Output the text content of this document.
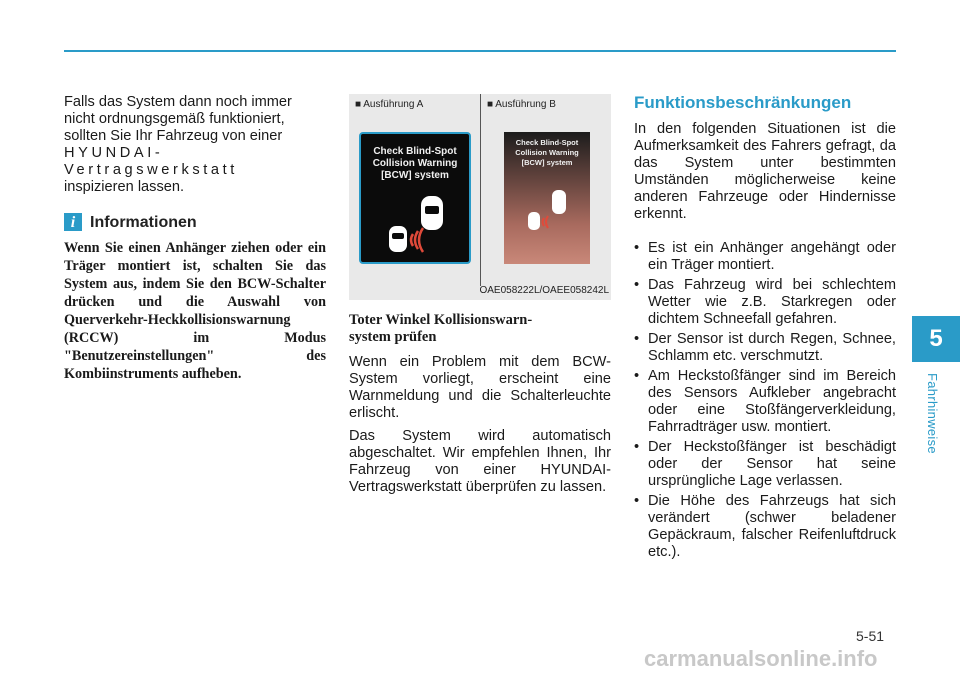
5
Fahrhinweise
Falls das System dann noch immer
nicht ordnungsgemäß funktioniert,
sollten Sie Ihr Fahrzeug von einer
HYUNDAI-Vertragswerkstatt
inspizieren lassen.
i Informationen
Wenn Sie einen Anhänger ziehen oder ein Träger montiert ist, schalten Sie das System aus, indem Sie den BCW-Schalter drücken und die Auswahl von Querverkehr-Heckkollisionswarnung (RCCW) im Modus "Benutzereinstellungen" des Kombiinstruments aufheben.
■ Ausführung A	■ Ausführung B
Check Blind-Spot
Collision Warning
[BCW] system
Check Blind-Spot
Collision Warning
[BCW] system
OAE058222L/OAEE058242L
Toter Winkel Kollisionswarn-
system prüfen

Wenn ein Problem mit dem BCW-System vorliegt, erscheint eine Warnmeldung und die Schalterleuchte erlischt.

Das System wird automatisch abgeschaltet. Wir empfehlen Ihnen, Ihr Fahrzeug von einer HYUNDAI-Vertragswerkstatt überprüfen zu lassen.

Funktionsbeschränkungen

In den folgenden Situationen ist die Aufmerksamkeit des Fahrers gefragt, da das System unter bestimmten Umständen möglicherweise keine anderen Fahrzeuge oder Hindernisse erkennt.

• Es ist ein Anhänger angehängt oder ein Träger montiert.
• Das Fahrzeug wird bei schlechtem Wetter wie z.B. Starkregen oder dichtem Schneefall gefahren.
• Der Sensor ist durch Regen, Schnee, Schlamm etc. verschmutzt.
• Am Heckstoßfänger sind im Bereich des Sensors Aufkleber angebracht oder eine Stoßfängerverkleidung, Fahrradträger usw. montiert.
• Der Heckstoßfänger ist beschädigt oder der Sensor hat seine ursprüngliche Lage verlassen.
• Die Höhe des Fahrzeugs hat sich verändert (schwer beladener Gepäckraum, falscher Reifenluftdruck etc.).
5-51
carmanualsonline.info
